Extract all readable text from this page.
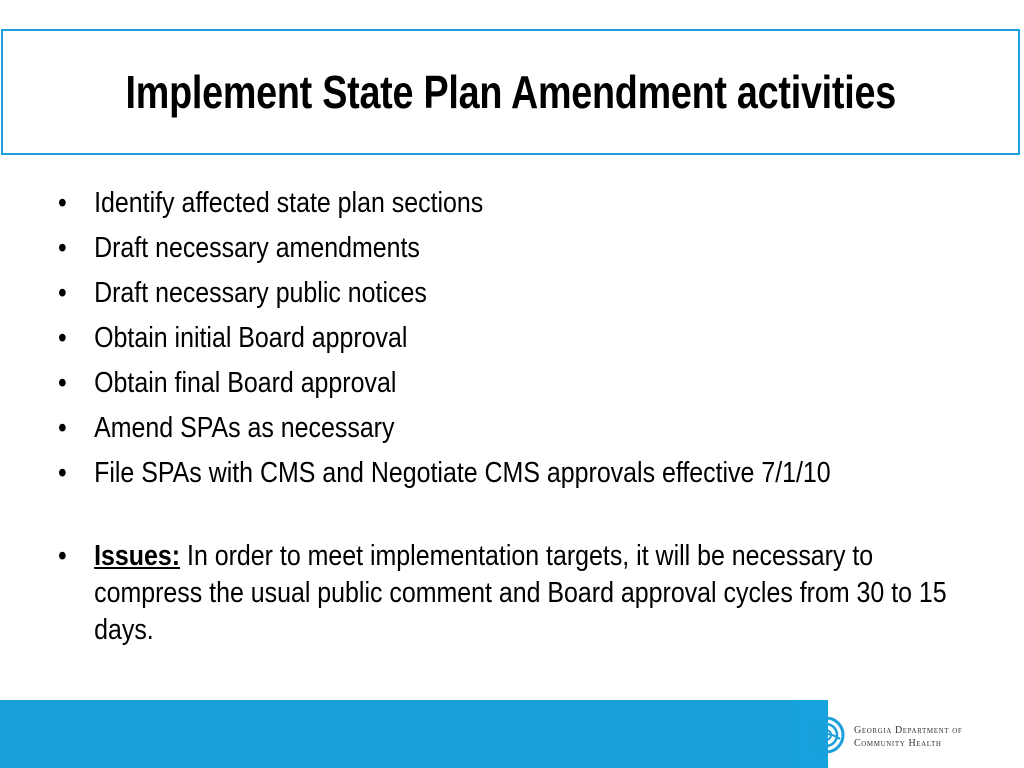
Implement State Plan Amendment activities
• Identify affected state plan sections
• Draft necessary amendments
• Draft necessary public notices
• Obtain initial Board approval
• Obtain final Board approval
• Amend SPAs as necessary
• File SPAs with CMS and Negotiate CMS approvals effective 7/1/10
• Issues: In order to meet implementation targets, it will be necessary to compress the usual public comment and Board approval cycles from 30 to 15 days.
Georgia Department of
Community Health
